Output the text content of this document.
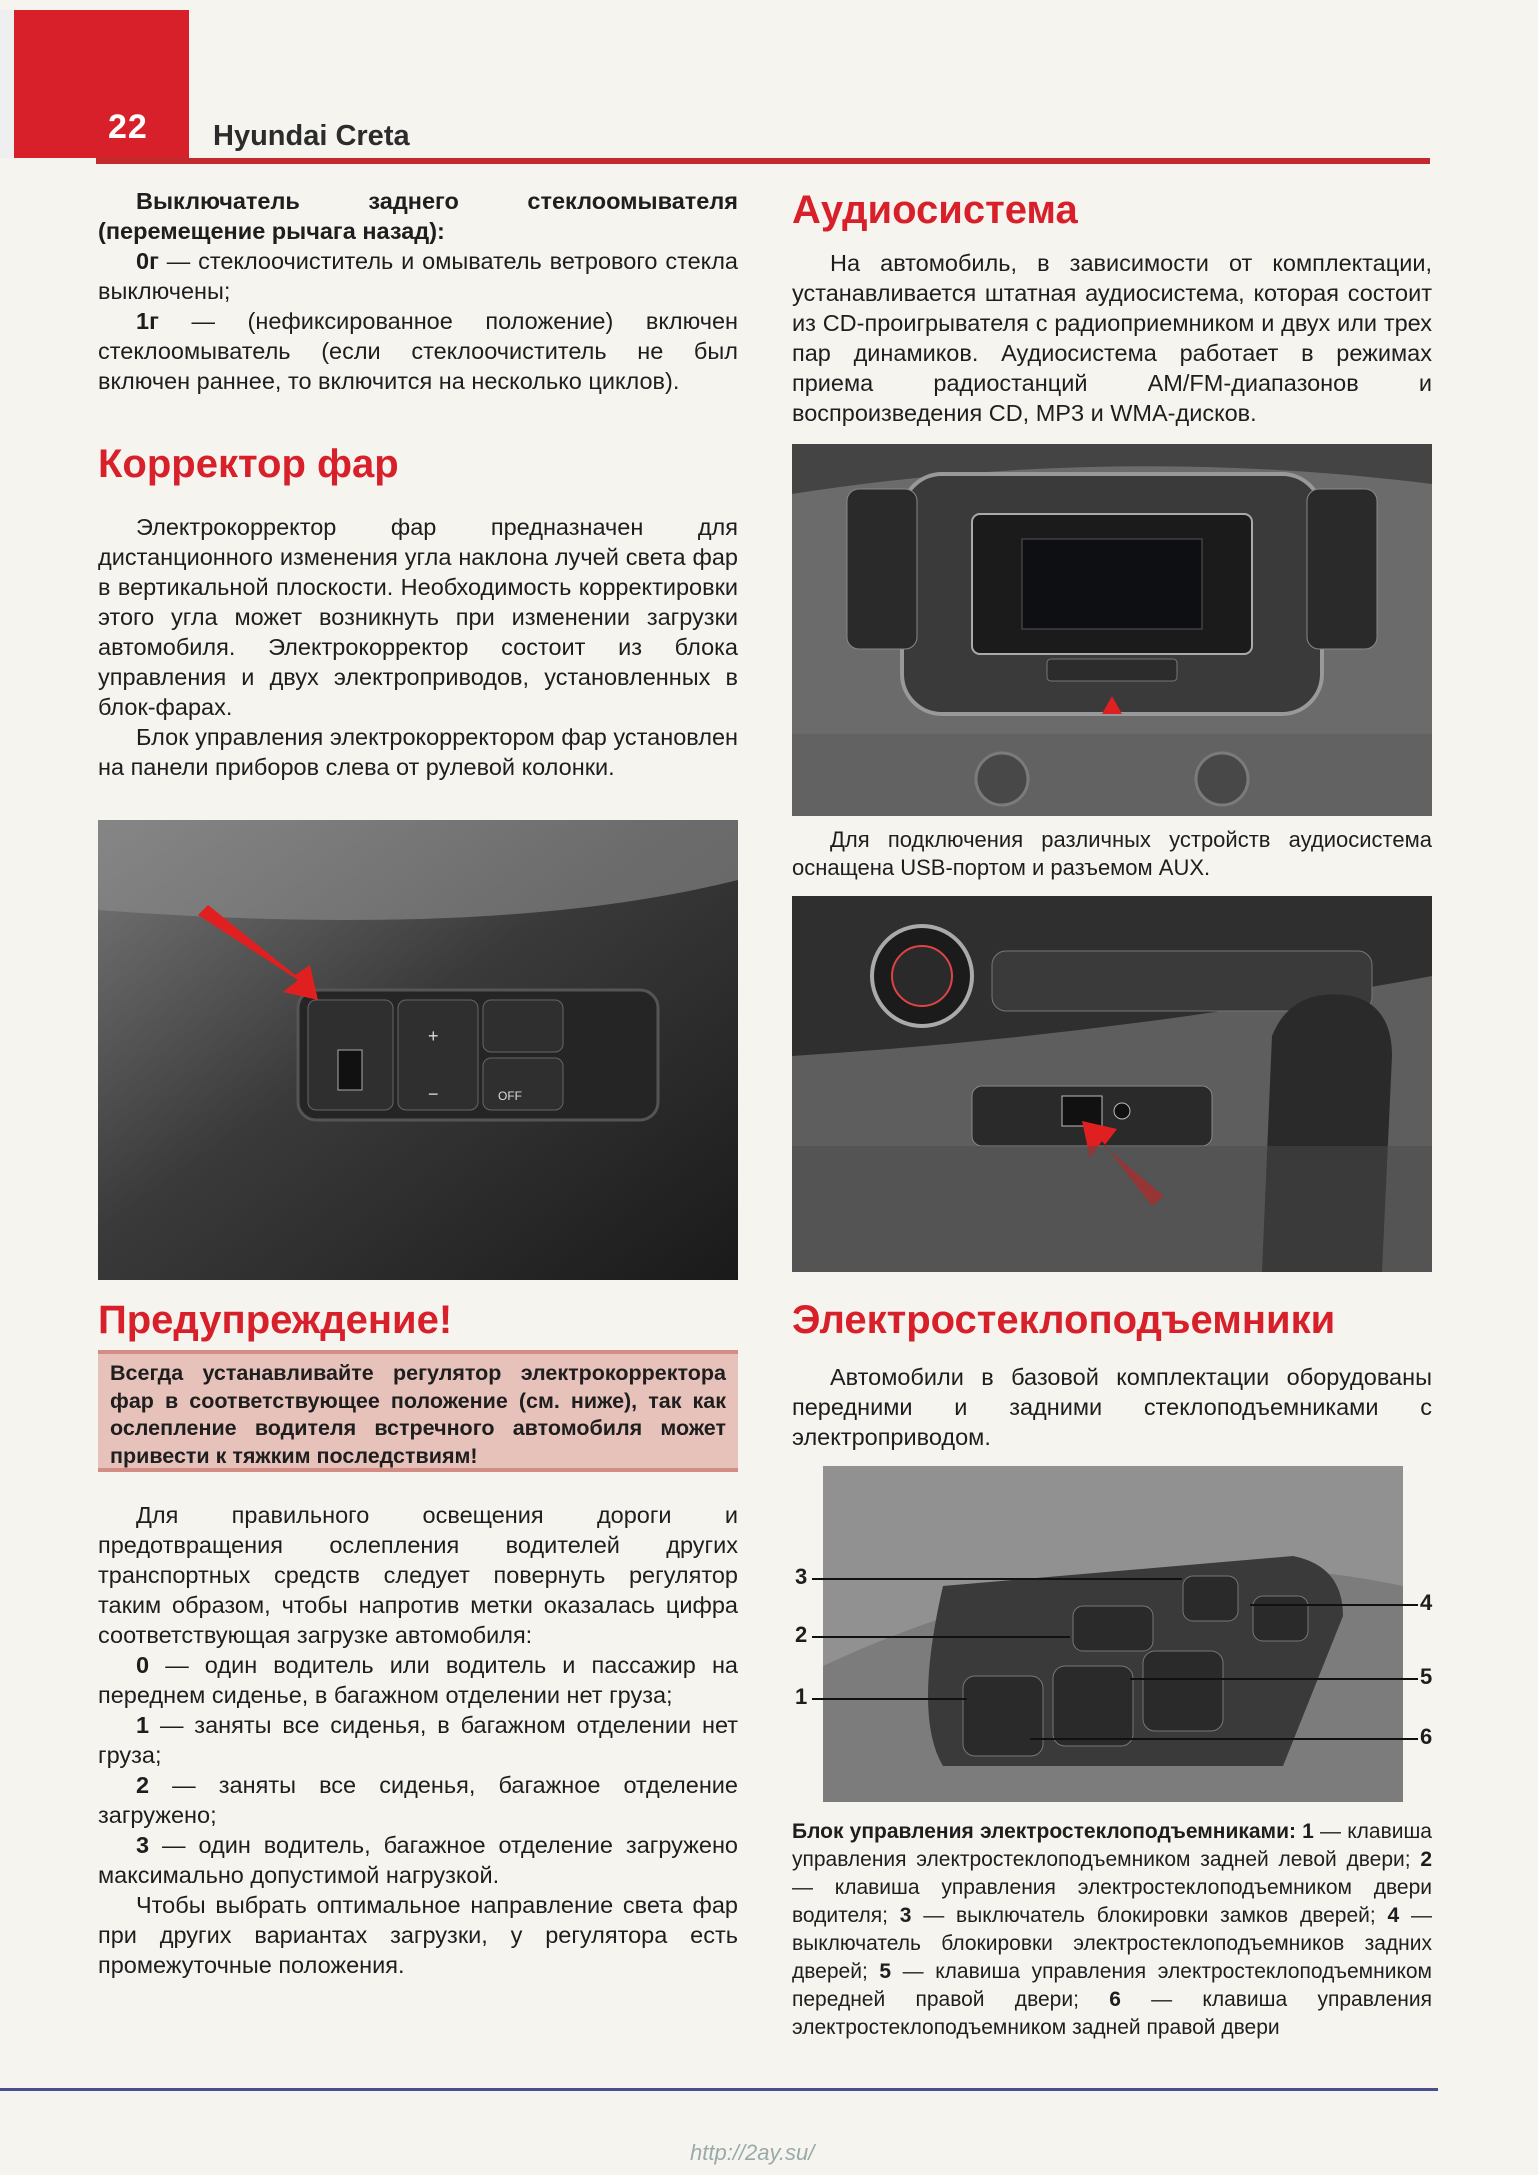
22 Hyundai Creta

Выключатель заднего стеклоомывателя (перемещение рычага назад):

0г — стеклоочиститель и омыватель ветрового стекла выключены;

1г — (нефиксированное положение) включен стеклоомыватель (если стеклоочиститель не был включен раннее, то включится на несколько циклов).

Корректор фар

Электрокорректор фар предназначен для дистанционного изменения угла наклона лучей света фар в вертикальной плоскости. Необходимость корректировки этого угла может возникнуть при изменении загрузки автомобиля. Электрокорректор состоит из блока управления и двух электроприводов, установленных в блок-фарах.

Блок управления электрокорректором фар установлен на панели приборов слева от рулевой колонки.

+
−	OFF
Предупреждение!
Всегда устанавливайте регулятор электрокорректора фар в соответствующее положение (см. ниже), так как ослепление водителя встречного автомобиля может привести к тяжким последствиям!

Для правильного освещения дороги и предотвращения ослепления водителей других транспортных средств следует повернуть регулятор таким образом, чтобы напротив метки оказалась цифра соответствующая загрузке автомобиля:

0 — один водитель или водитель и пассажир на переднем сиденье, в багажном отделении нет груза;

1 — заняты все сиденья, в багажном отделении нет груза;

2 — заняты все сиденья, багажное отделение загружено;

3 — один водитель, багажное отделение загружено максимально допустимой нагрузкой.

Чтобы выбрать оптимальное направление света фар при других вариантах загрузки, у регулятора есть промежуточные положения.

Аудиосистема

На автомобиль, в зависимости от комплектации, устанавливается штатная аудиосистема, которая состоит из CD-проигрывателя с радиоприемником и двух или трех пар динамиков. Аудиосистема работает в режимах приема радиостанций AM/FM-диапазонов и воспроизведения CD, MP3 и WMA-дисков.

Для подключения различных устройств аудиосистема оснащена USB-портом и разъемом AUX.
Электростеклоподъемники

Автомобили в базовой комплектации оборудованы передними и задними стеклоподъемниками с электроприводом.

3
2
1
4
5
6
Блок управления электростеклоподъемниками: 1 — клавиша управления электростеклоподъемником задней левой двери; 2 — клавиша управления электростеклоподъемником двери водителя; 3 — выключатель блокировки замков дверей; 4 — выключатель блокировки электростеклоподъемников задних дверей; 5 — клавиша управления электростеклоподъемником передней правой двери; 6 — клавиша управления электростеклоподъемником задней правой двери
http://2ay.su/
